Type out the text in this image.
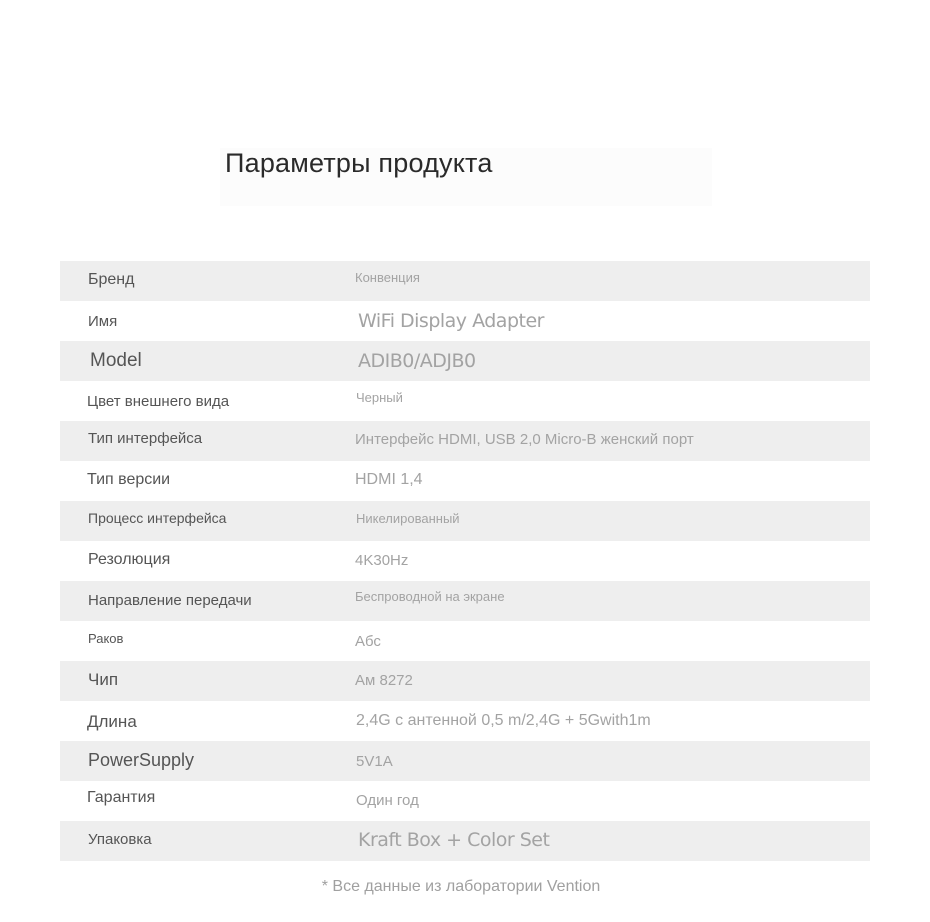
Параметры продукта
Бренд	Конвенция
Имя	WiFi Display Adapter
Model	ADIB0/ADJB0
Цвет внешнего вида	Черный
Тип интерфейса	Интерфейс HDMI, USB 2,0 Micro-B женский порт
Тип версии	HDMI 1,4
Процесс интерфейса	Никелированный
Резолюция	4K30Hz
Направление передачи	Беспроводной на экране
Раков	Абс
Чип	Ам 8272
Длина	2,4G с антенной 0,5 m/2,4G + 5Gwith1m
PowerSupply	5V1A
Гарантия	Один год
Упаковка	Kraft Box + Color Set
* Все данные из лаборатории Vention
